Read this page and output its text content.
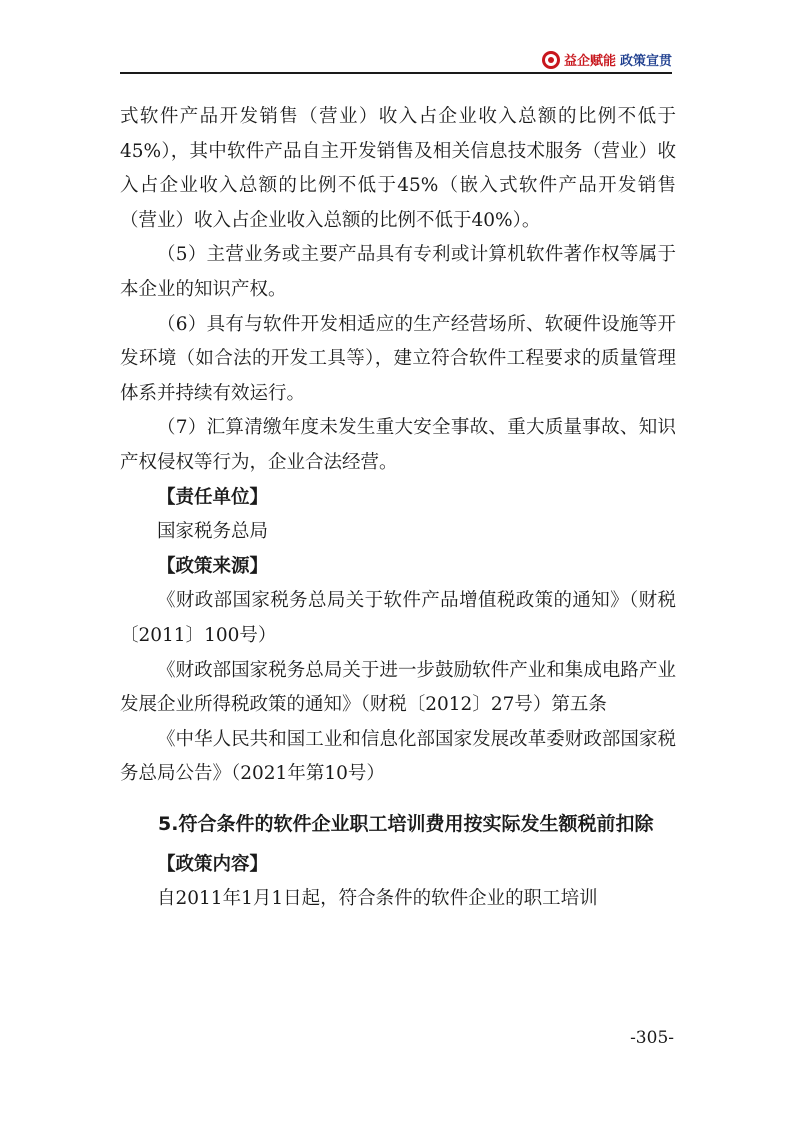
益企赋能 政策宣贯

式软件产品开发销售（营业）收入占企业收入总额的比例不低于45%），其中软件产品自主开发销售及相关信息技术服务（营业）收入占企业收入总额的比例不低于45%（嵌入式软件产品开发销售（营业）收入占企业收入总额的比例不低于40%）。

（5）主营业务或主要产品具有专利或计算机软件著作权等属于本企业的知识产权。

（6）具有与软件开发相适应的生产经营场所、软硬件设施等开发环境（如合法的开发工具等），建立符合软件工程要求的质量管理体系并持续有效运行。

（7）汇算清缴年度未发生重大安全事故、重大质量事故、知识产权侵权等行为，企业合法经营。

【责任单位】

国家税务总局

【政策来源】

《财政部国家税务总局关于软件产品增值税政策的通知》（财税〔2011〕100号）

《财政部国家税务总局关于进一步鼓励软件产业和集成电路产业发展企业所得税政策的通知》（财税〔2012〕27号）第五条

《中华人民共和国工业和信息化部国家发展改革委财政部国家税务总局公告》（2021年第10号）

5.符合条件的软件企业职工培训费用按实际发生额税前扣除

【政策内容】

自2011年1月1日起，符合条件的软件企业的职工培训

-305-
